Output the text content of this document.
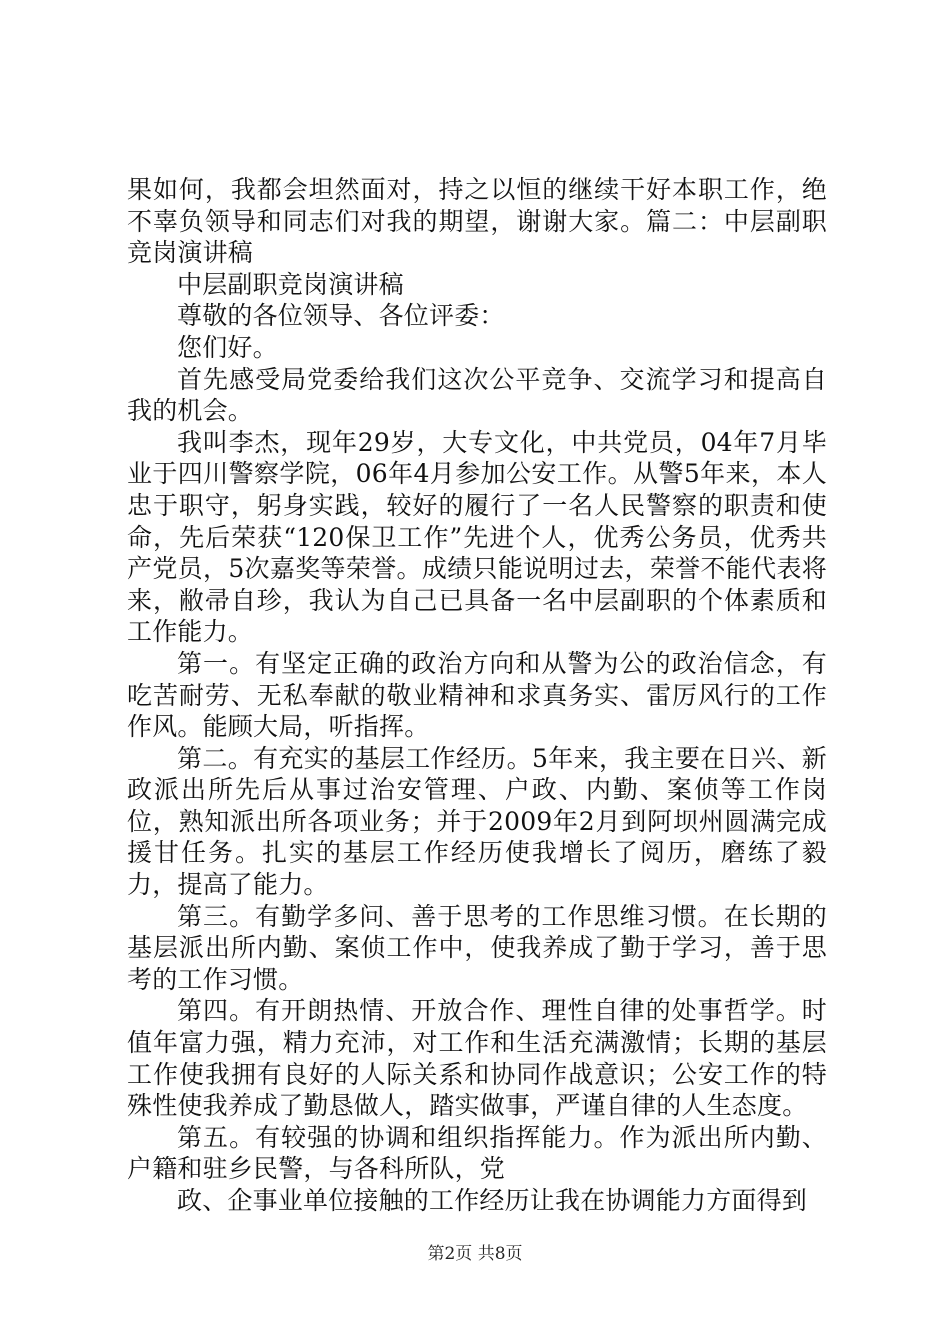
果如何，我都会坦然面对，持之以恒的继续干好本职工作，绝不辜负领导和同志们对我的期望，谢谢大家。篇二：中层副职竞岗演讲稿

中层副职竞岗演讲稿

尊敬的各位领导、各位评委：

您们好。

首先感受局党委给我们这次公平竞争、交流学习和提高自我的机会。

我叫李杰，现年29岁，大专文化，中共党员，04年7月毕业于四川警察学院，06年4月参加公安工作。从警5年来，本人忠于职守，躬身实践，较好的履行了一名人民警察的职责和使命，先后荣获“120保卫工作”先进个人，优秀公务员，优秀共产党员，5次嘉奖等荣誉。成绩只能说明过去，荣誉不能代表将来，敝帚自珍，我认为自己已具备一名中层副职的个体素质和工作能力。

第一。有坚定正确的政治方向和从警为公的政治信念，有吃苦耐劳、无私奉献的敬业精神和求真务实、雷厉风行的工作作风。能顾大局，听指挥。

第二。有充实的基层工作经历。5年来，我主要在日兴、新政派出所先后从事过治安管理、户政、内勤、案侦等工作岗位，熟知派出所各项业务；并于2009年2月到阿坝州圆满完成援甘任务。扎实的基层工作经历使我增长了阅历，磨练了毅力，提高了能力。

第三。有勤学多问、善于思考的工作思维习惯。在长期的基层派出所内勤、案侦工作中，使我养成了勤于学习，善于思考的工作习惯。

第四。有开朗热情、开放合作、理性自律的处事哲学。时值年富力强，精力充沛，对工作和生活充满激情；长期的基层工作使我拥有良好的人际关系和协同作战意识；公安工作的特殊性使我养成了勤恳做人，踏实做事，严谨自律的人生态度。

第五。有较强的协调和组织指挥能力。作为派出所内勤、户籍和驻乡民警，与各科所队，党

政、企事业单位接触的工作经历让我在协调能力方面得到

第2页 共8页
